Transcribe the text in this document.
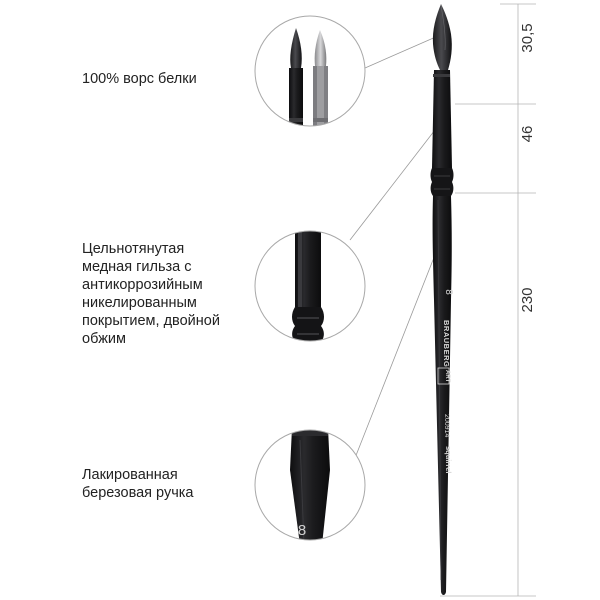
100% ворс белки
Цельнотянутая
медная гильза с
антикоррозийным
никелированным
покрытием, двойной
обжим
Лакированная
березовая ручка
30,5
46
230
8
BRAUBERG
ART
200914
squirrel
8
